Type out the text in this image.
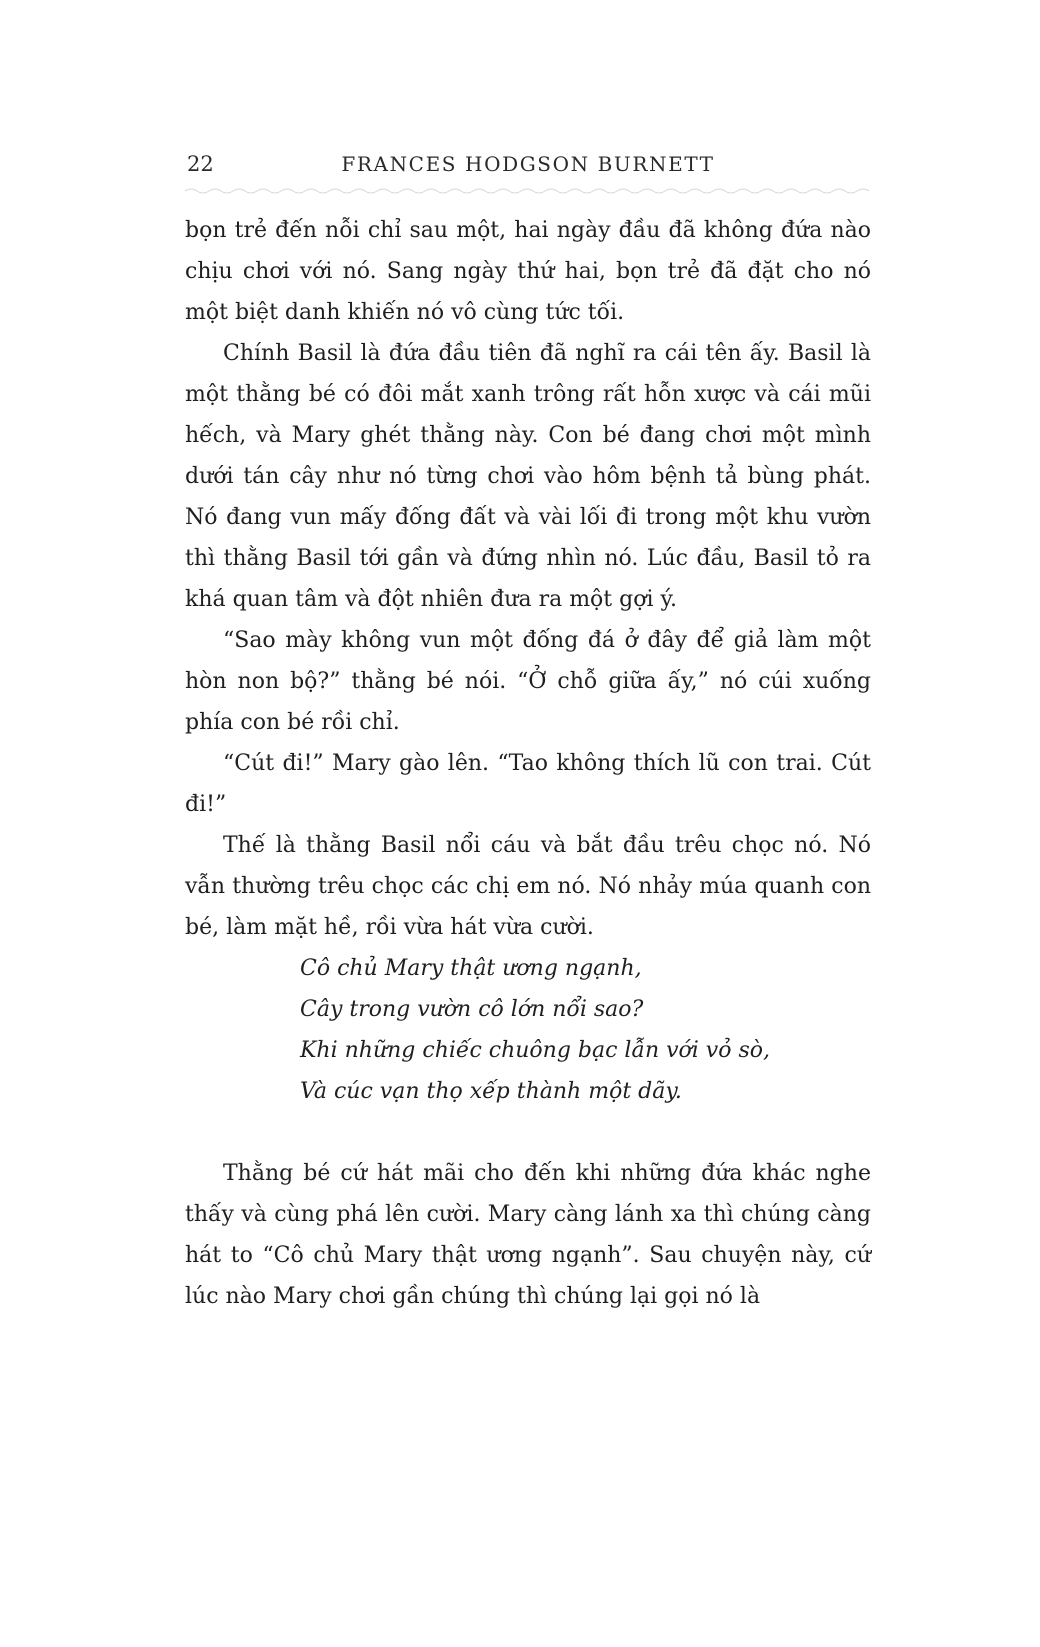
22	FRANCES HODGSON BURNETT

bọn trẻ đến nỗi chỉ sau một, hai ngày đầu đã không đứa nào chịu chơi với nó. Sang ngày thứ hai, bọn trẻ đã đặt cho nó một biệt danh khiến nó vô cùng tức tối.

Chính Basil là đứa đầu tiên đã nghĩ ra cái tên ấy. Basil là một thằng bé có đôi mắt xanh trông rất hỗn xược và cái mũi hếch, và Mary ghét thằng này. Con bé đang chơi một mình dưới tán cây như nó từng chơi vào hôm bệnh tả bùng phát. Nó đang vun mấy đống đất và vài lối đi trong một khu vườn thì thằng Basil tới gần và đứng nhìn nó. Lúc đầu, Basil tỏ ra khá quan tâm và đột nhiên đưa ra một gợi ý.

“Sao mày không vun một đống đá ở đây để giả làm một hòn non bộ?” thằng bé nói. “Ở chỗ giữa ấy,” nó cúi xuống phía con bé rồi chỉ.

“Cút đi!” Mary gào lên. “Tao không thích lũ con trai. Cút đi!”

Thế là thằng Basil nổi cáu và bắt đầu trêu chọc nó. Nó vẫn thường trêu chọc các chị em nó. Nó nhảy múa quanh con bé, làm mặt hề, rồi vừa hát vừa cười.

Cô chủ Mary thật ương ngạnh,

Cây trong vườn cô lớn nổi sao?

Khi những chiếc chuông bạc lẫn với vỏ sò,

Và cúc vạn thọ xếp thành một dãy.

Thằng bé cứ hát mãi cho đến khi những đứa khác nghe thấy và cùng phá lên cười. Mary càng lánh xa thì chúng càng hát to “Cô chủ Mary thật ương ngạnh”. Sau chuyện này, cứ lúc nào Mary chơi gần chúng thì chúng lại gọi nó là
